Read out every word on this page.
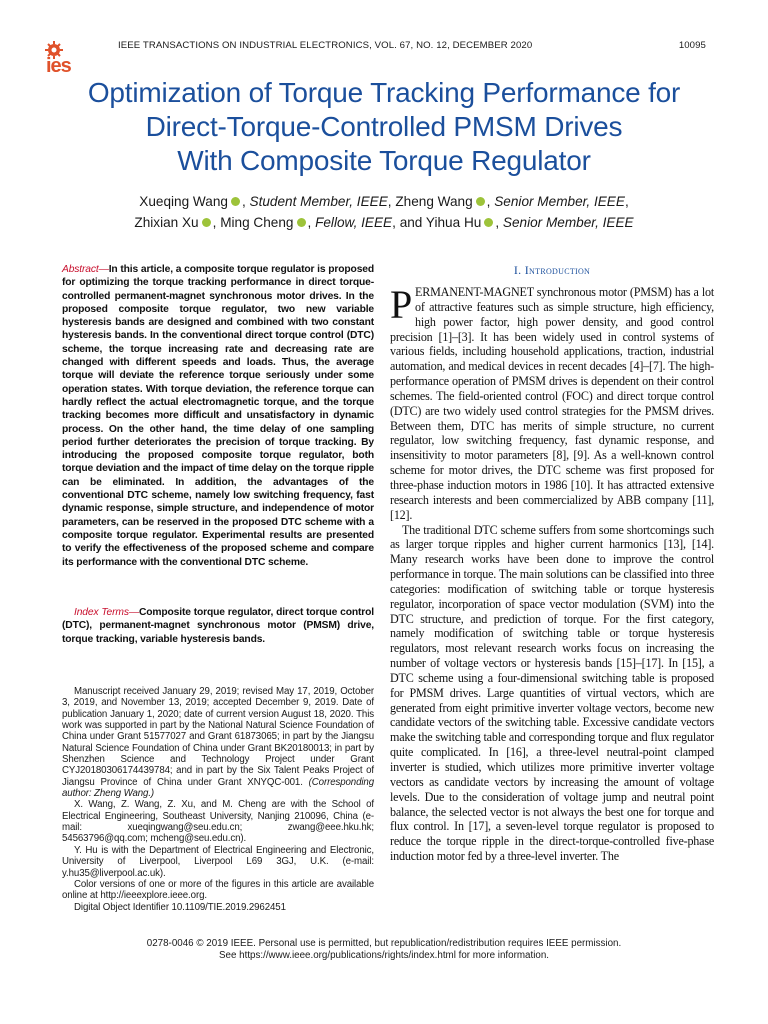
ies
IEEE TRANSACTIONS ON INDUSTRIAL ELECTRONICS, VOL. 67, NO. 12, DECEMBER 2020	10095
Optimization of Torque Tracking Performance for
Direct-Torque-Controlled PMSM Drives
With Composite Torque Regulator
Xueqing Wang , Student Member, IEEE, Zheng Wang , Senior Member, IEEE,
Zhixian Xu , Ming Cheng , Fellow, IEEE, and Yihua Hu , Senior Member, IEEE
Abstract—In this article, a composite torque regulator is proposed for optimizing the torque tracking performance in direct torque-controlled permanent-magnet synchronous motor drives. In the proposed composite torque regulator, two new variable hysteresis bands are designed and combined with two constant hysteresis bands. In the conventional direct torque control (DTC) scheme, the torque increasing rate and decreasing rate are changed with different speeds and loads. Thus, the average torque will deviate the reference torque seriously under some operation states. With torque deviation, the reference torque can hardly reflect the actual electromagnetic torque, and the torque tracking becomes more difficult and unsatisfactory in dynamic process. On the other hand, the time delay of one sampling period further deteriorates the precision of torque tracking. By introducing the proposed composite torque regulator, both torque deviation and the impact of time delay on the torque ripple can be eliminated. In addition, the advantages of the conventional DTC scheme, namely low switching frequency, fast dynamic response, simple structure, and independence of motor parameters, can be reserved in the proposed DTC scheme with a composite torque regulator. Experimental results are presented to verify the effectiveness of the proposed scheme and compare its performance with the conventional DTC scheme.
Index Terms—Composite torque regulator, direct torque control (DTC), permanent-magnet synchronous motor (PMSM) drive, torque tracking, variable hysteresis bands.

Manuscript received January 29, 2019; revised May 17, 2019, October 3, 2019, and November 13, 2019; accepted December 9, 2019. Date of publication January 1, 2020; date of current version August 18, 2020. This work was supported in part by the National Natural Science Foundation of China under Grant 51577027 and Grant 61873065; in part by the Jiangsu Natural Science Foundation of China under Grant BK20180013; in part by Shenzhen Science and Technology Project under Grant CYJ20180306174439784; and in part by the Six Talent Peaks Project of Jiangsu Province of China under Grant XNYQC-001. (Corresponding author: Zheng Wang.)

X. Wang, Z. Wang, Z. Xu, and M. Cheng are with the School of Electrical Engineering, Southeast University, Nanjing 210096, China (e-mail: xueqingwang@seu.edu.cn; zwang@eee.hku.hk; 54563796@qq.com; mcheng@seu.edu.cn).

Y. Hu is with the Department of Electrical Engineering and Electronic, University of Liverpool, Liverpool L69 3GJ, U.K. (e-mail: y.hu35@liverpool.ac.uk).

Color versions of one or more of the figures in this article are available online at http://ieeexplore.ieee.org.

Digital Object Identifier 10.1109/TIE.2019.2962451

I. Introduction

PERMANENT-MAGNET synchronous motor (PMSM) has a lot of attractive features such as simple structure, high efficiency, high power factor, high power density, and good control precision [1]–[3]. It has been widely used in control systems of various fields, including household applications, traction, industrial automation, and medical devices in recent decades [4]–[7]. The high-performance operation of PMSM drives is dependent on their control schemes. The field-oriented control (FOC) and direct torque control (DTC) are two widely used control strategies for the PMSM drives. Between them, DTC has merits of simple structure, no current regulator, low switching frequency, fast dynamic response, and insensitivity to motor parameters [8], [9]. As a well-known control scheme for motor drives, the DTC scheme was first proposed for three-phase induction motors in 1986 [10]. It has attracted extensive research interests and been commercialized by ABB company [11], [12].

The traditional DTC scheme suffers from some shortcomings such as larger torque ripples and higher current harmonics [13], [14]. Many research works have been done to improve the control performance in torque. The main solutions can be classified into three categories: modification of switching table or torque hysteresis regulator, incorporation of space vector modulation (SVM) into the DTC structure, and prediction of torque. For the first category, namely modification of switching table or torque hysteresis regulators, most relevant research works focus on increasing the number of voltage vectors or hysteresis bands [15]–[17]. In [15], a DTC scheme using a four-dimensional switching table is proposed for PMSM drives. Large quantities of virtual vectors, which are generated from eight primitive inverter voltage vectors, become new candidate vectors of the switching table. Excessive candidate vectors make the switching table and corresponding torque and flux regulator quite complicated. In [16], a three-level neutral-point clamped inverter is studied, which utilizes more primitive inverter voltage vectors as candidate vectors by increasing the amount of voltage levels. Due to the consideration of voltage jump and neutral point balance, the selected vector is not always the best one for torque and flux control. In [17], a seven-level torque regulator is proposed to reduce the torque ripple in the direct-torque-controlled five-phase induction motor fed by a three-level inverter. The

0278-0046 © 2019 IEEE. Personal use is permitted, but republication/redistribution requires IEEE permission.
See https://www.ieee.org/publications/rights/index.html for more information.
